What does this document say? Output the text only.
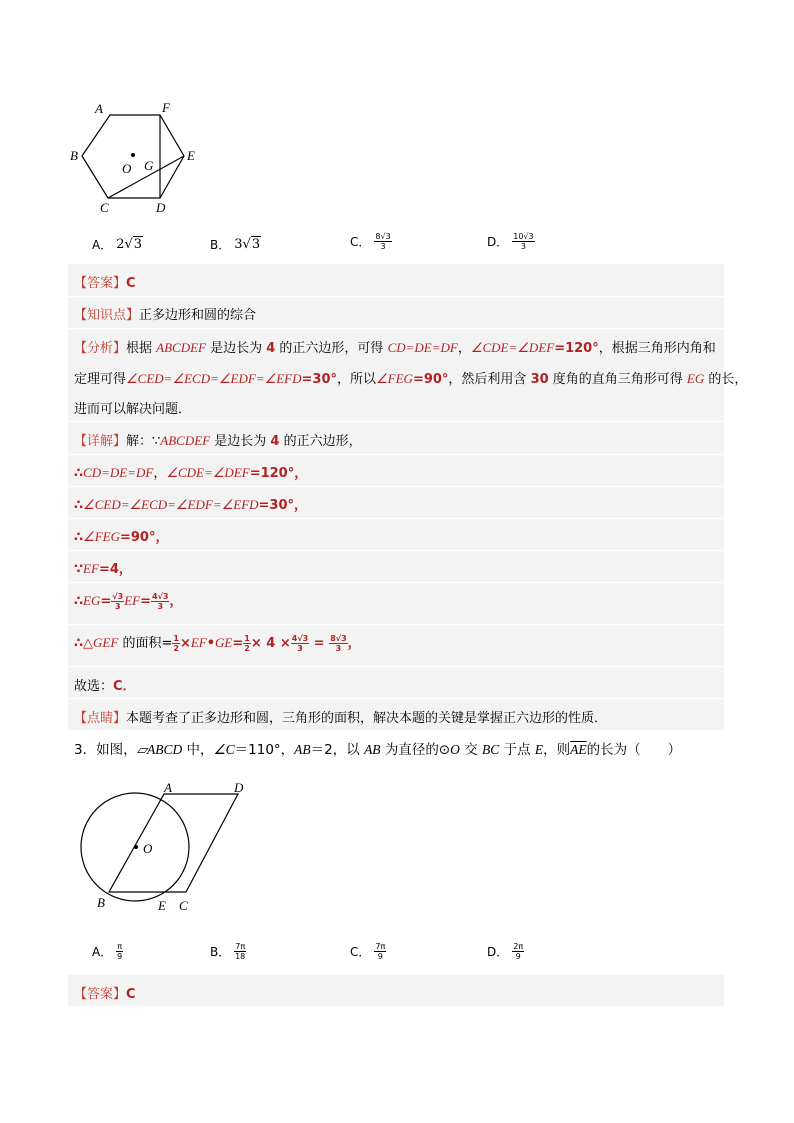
A	F
B
O G
E
C	D
A． 2√3	B． 3√3	C． $\frac{8√3}{3}$	D． $\frac{10√3}{3}$
【答案】C
【知识点】正多边形和圆的综合
【分析】根据 ABCDEF 是边长为 4 的正六边形，可得 CD=DE=DF，∠CDE=∠DEF=120°，根据三角形内角和
定理可得∠CED=∠ECD=∠EDF=∠EFD=30°，所以∠FEG=90°，然后利用含 30 度角的直角三角形可得 EG 的长，
进而可以解决问题．
【详解】解：∵ABCDEF 是边长为 4 的正六边形，
∴CD=DE=DF，∠CDE=∠DEF=120°，
∴∠CED=∠ECD=∠EDF=∠EFD=30°，
∴∠FEG=90°，
∵EF=4，
∴EG= $\frac{√3}{3} EF= \frac{4√3}{3}$ ，
∴△GEF 的面积= $\frac{1}{2}$ ×EF•GE= $\frac{1}{2} \times 4 \times \frac{4√3}{3} = \frac{8√3}{3}$ ，
故选：C．
【点睛】本题考查了正多边形和圆，三角形的面积，解决本题的关键是掌握正六边形的性质．
3．如图，▱ABCD 中，∠C＝110°，AB＝2，以 AB 为直径的⊙O 交 BC 于点 E，则$\overline{AE}$的长为（　　）
A	D
O
B	E C
A． $\frac{\pi}{9}$	B． $\frac{7\pi}{18}$	C． $\frac{7\pi}{9}$	D． $\frac{2\pi}{9}$
【答案】C
